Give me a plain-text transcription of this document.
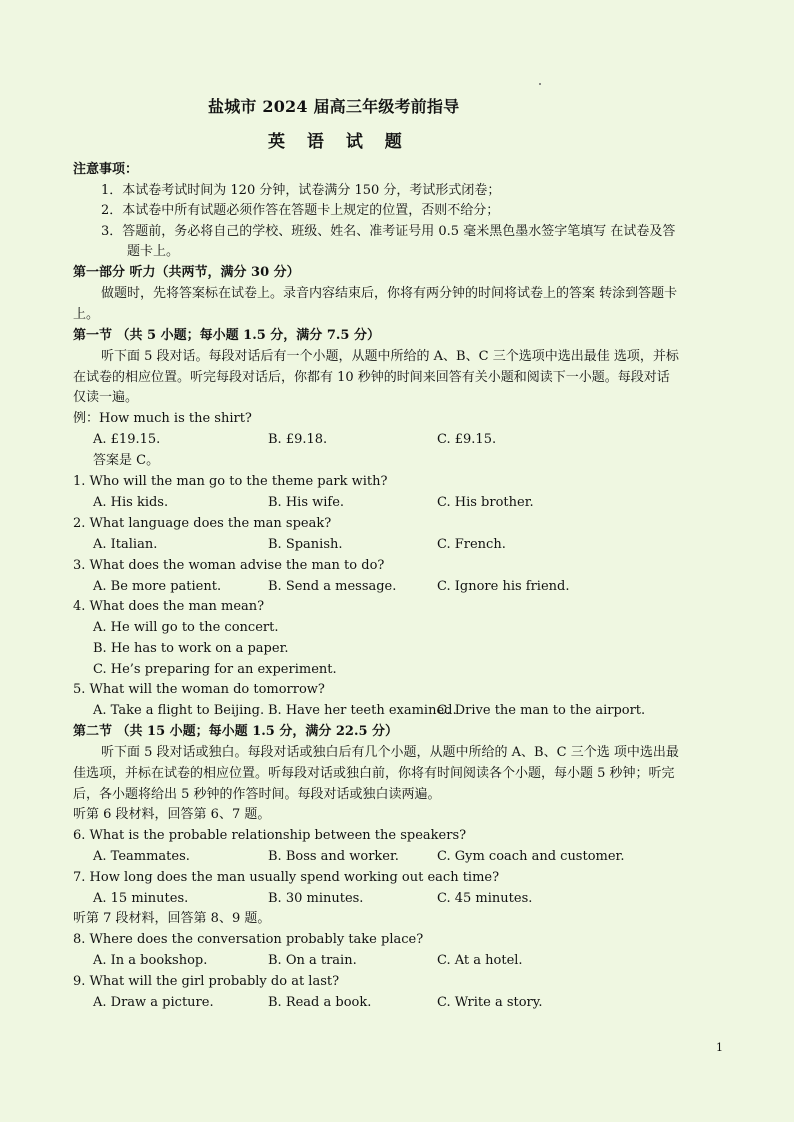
盐城市 2024 届高三年级考前指导
英 语 试 题
注意事项：
1．本试卷考试时间为 120 分钟，试卷满分 150 分，考试形式闭卷；
2．本试卷中所有试题必须作答在答题卡上规定的位置，否则不给分；
3．答题前，务必将自己的学校、班级、姓名、准考证号用 0.5 毫米黑色墨水签字笔填写 在试卷及答
题卡上。
第一部分 听力（共两节，满分 30 分）
做题时，先将答案标在试卷上。录音内容结束后，你将有两分钟的时间将试卷上的答案 转涂到答题卡
上。
第一节 （共 5 小题；每小题 1.5 分，满分 7.5 分）
听下面 5 段对话。每段对话后有一个小题，从题中所给的 A、B、C 三个选项中选出最佳 选项，并标
在试卷的相应位置。听完每段对话后，你都有 10 秒钟的时间来回答有关小题和阅读下一小题。每段对话
仅读一遍。
例：How much is the shirt?
A. £19.15.	B. £9.18.	C. £9.15.
答案是 C。
1. Who will the man go to the theme park with?
A. His kids.	B. His wife.	C. His brother.
2. What language does the man speak?
A. Italian.	B. Spanish.	C. French.
3. What does the woman advise the man to do?
A. Be more patient.	B. Send a message.	C. Ignore his friend.
4. What does the man mean?
A. He will go to the concert.
B. He has to work on a paper.
C. He’s preparing for an experiment.
5. What will the woman do tomorrow?
A. Take a flight to Beijing. B. Have her teeth examined.
C. Drive the man to the airport.
第二节 （共 15 小题；每小题 1.5 分，满分 22.5 分）
听下面 5 段对话或独白。每段对话或独白后有几个小题，从题中所给的 A、B、C 三个选 项中选出最
佳选项，并标在试卷的相应位置。听每段对话或独白前，你将有时间阅读各个小题，每小题 5 秒钟；听完
后，各小题将给出 5 秒钟的作答时间。每段对话或独白读两遍。
听第 6 段材料，回答第 6、7 题。
6. What is the probable relationship between the speakers?
A. Teammates.	B. Boss and worker.	C. Gym coach and customer.
7. How long does the man usually spend working out each time?
A. 15 minutes.	B. 30 minutes.	C. 45 minutes.
听第 7 段材料，回答第 8、9 题。
8. Where does the conversation probably take place?
A. In a bookshop.	B. On a train.	C. At a hotel.
9. What will the girl probably do at last?
A. Draw a picture.	B. Read a book.	C. Write a story.
1
